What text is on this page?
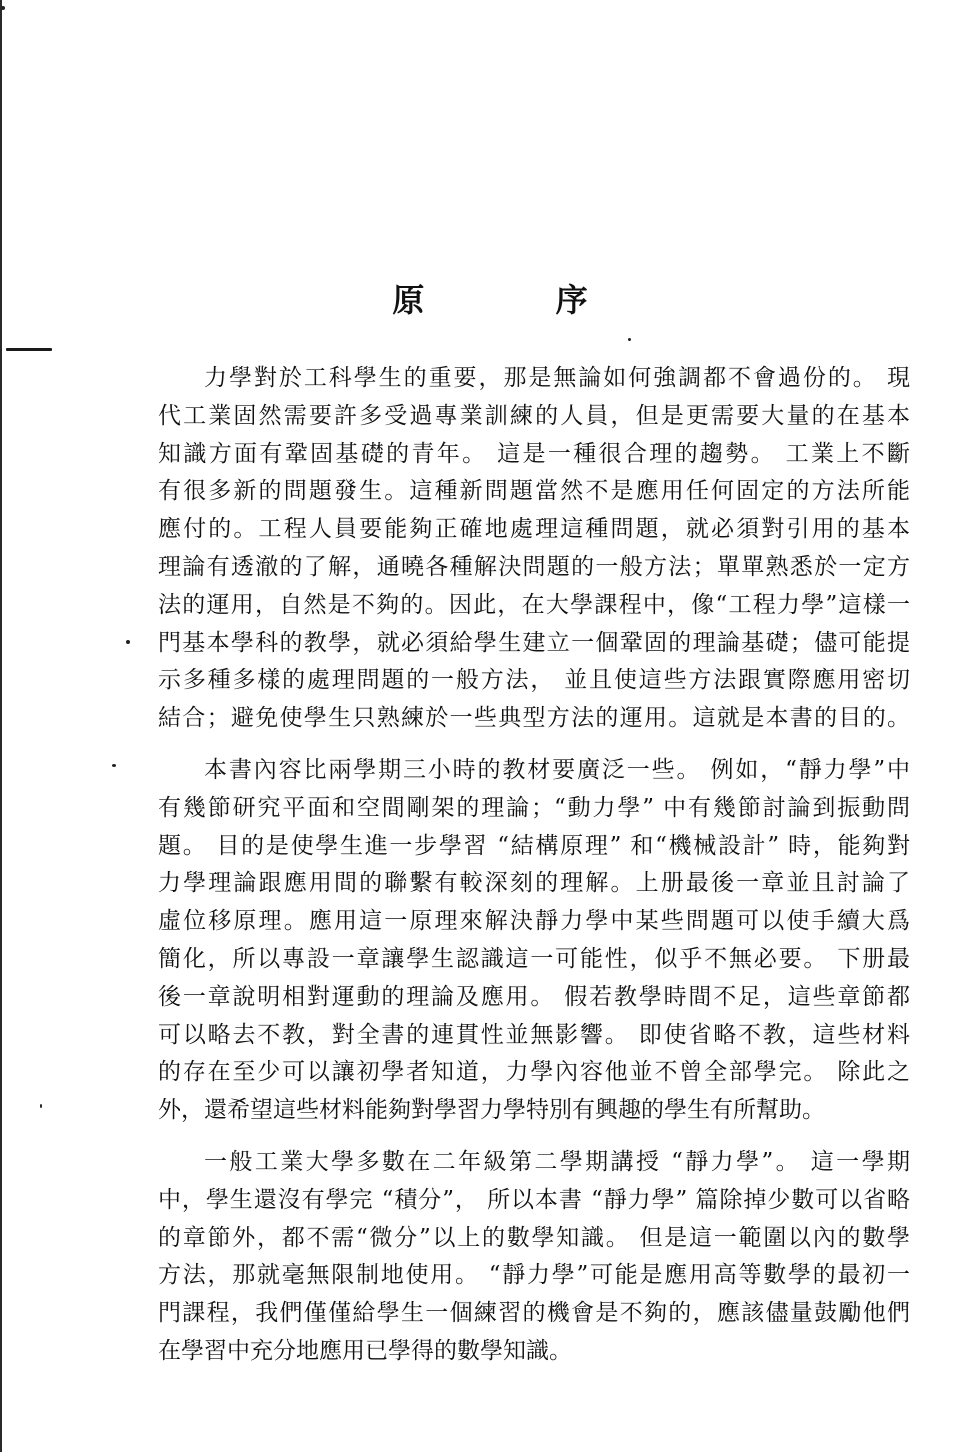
原 序
力學對於工科學生的重要，那是無論如何強調都不會過份的。 現
代工業固然需要許多受過專業訓練的人員，但是更需要大量的在基本
知識方面有鞏固基礎的青年。 這是一種很合理的趨勢。 工業上不斷
有很多新的問題發生。這種新問題當然不是應用任何固定的方法所能
應付的。工程人員要能夠正確地處理這種問題，就必須對引用的基本
理論有透澈的了解，通曉各種解決問題的一般方法；單單熟悉於一定方
法的運用，自然是不夠的。因此，在大學課程中，像“工程力學”這樣一
門基本學科的教學，就必須給學生建立一個鞏固的理論基礎；儘可能提
示多種多樣的處理問題的一般方法， 並且使這些方法跟實際應用密切
結合；避免使學生只熟練於一些典型方法的運用。這就是本書的目的。
本書內容比兩學期三小時的教材要廣泛一些。 例如，“靜力學”中
有幾節研究平面和空間剛架的理論；“動力學” 中有幾節討論到振動問
題。 目的是使學生進一步學習 “結構原理” 和“機械設計” 時，能夠對
力學理論跟應用間的聯繫有較深刻的理解。上册最後一章並且討論了
虛位移原理。應用這一原理來解決靜力學中某些問題可以使手續大爲
簡化，所以專設一章讓學生認識這一可能性，似乎不無必要。 下册最
後一章說明相對運動的理論及應用。 假若教學時間不足，這些章節都
可以略去不教，對全書的連貫性並無影響。 即使省略不教，這些材料
的存在至少可以讓初學者知道，力學內容他並不曾全部學完。 除此之
外，還希望這些材料能夠對學習力學特別有興趣的學生有所幫助。
一般工業大學多數在二年級第二學期講授 “靜力學”。 這一學期
中，學生還沒有學完 “積分”， 所以本書 “靜力學” 篇除掉少數可以省略
的章節外，都不需“微分”以上的數學知識。 但是這一範圍以內的數學
方法，那就毫無限制地使用。 “靜力學”可能是應用高等數學的最初一
門課程，我們僅僅給學生一個練習的機會是不夠的，應該儘量鼓勵他們
在學習中充分地應用已學得的數學知識。
